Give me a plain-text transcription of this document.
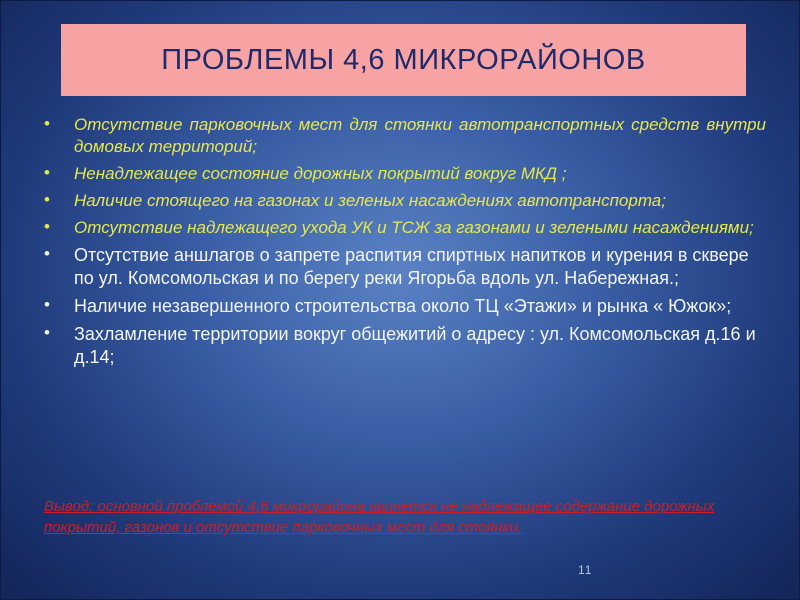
ПРОБЛЕМЫ 4,6 МИКРОРАЙОНОВ
•	Отсутствие парковочных мест для стоянки автотранспортных средств внутри домовых территорий;
•	Ненадлежащее состояние дорожных покрытий вокруг МКД ;
•	Наличие стоящего на газонах и зеленых насаждениях автотранспорта;
•	Отсутствие надлежащего ухода УК и ТСЖ за газонами и зелеными насаждениями;
•	Отсутствие аншлагов о запрете распития спиртных напитков и курения в сквере по ул. Комсомольская и по берегу реки Ягорьба вдоль ул. Набережная.;
•	Наличие незавершенного строительства около ТЦ «Этажи» и рынка « Южок»;
•	Захламление территории вокруг общежитий о адресу : ул. Комсомольская д.16 и д.14;
Вывод: основной проблемой 4,6 микрорайона является не надлежащее содержание дорожных покрытий, газонов и отсутствие парковочных мест для стоянки.
11
